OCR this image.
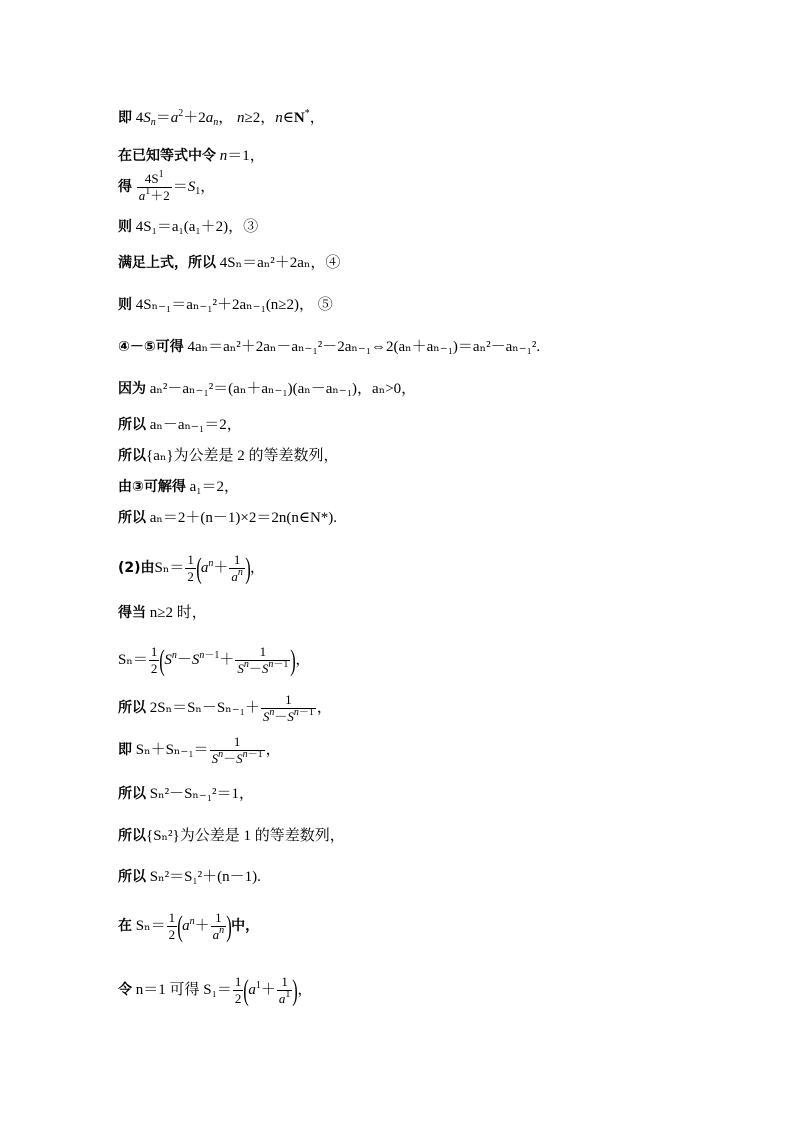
即 $4S_n=a^2+2a_n$， n≥2，n∈N*，
在已知等式中令 n＝1，
得 $\frac{4S^1}{a^1+2} =S_1$，
则 4S₁＝a₁(a₁＋2)，③
满足上式，所以 4Sₙ＝aₙ²＋2aₙ，④
则 4Sₙ₋₁＝aₙ₋₁²＋2aₙ₋₁(n≥2)， ⑤
④－⑤可得 4aₙ＝aₙ²＋2aₙ－aₙ₋₁²－2aₙ₋₁⇔2(aₙ＋aₙ₋₁)＝aₙ²－aₙ₋₁².
因为 aₙ²－aₙ₋₁²＝(aₙ＋aₙ₋₁)(aₙ－aₙ₋₁)，aₙ>0，
所以 aₙ－aₙ₋₁＝2，
所以{aₙ}为公差是 2 的等差数列，
由③可解得 a₁＝2，
所以 aₙ＝2＋(n－1)×2＝2n(n∈N*).
(2)由$S_n= \frac{1}{2} (a^n+ \frac{1}{a^n}$ )，
得当 n≥2 时，
$S_n= \frac{1}{2} (S^n-S^{n-1}+ \frac{1}{S^n-S^{n-1}}$ )，
所以 $2S_n=S_n-S_{n-1}+ \frac{1}{S^n-S^{n-1}}$ ，
即 $S_n+S_{n-1}= \frac{1}{S^n-S^{n-1}}$ ，
所以 Sₙ²－Sₙ₋₁²＝1，
所以{Sₙ²}为公差是 1 的等差数列，
所以 Sₙ²＝S₁²＋(n－1).
在 $S_n= \frac{1}{2} (a^n+ \frac{1}{a^n}$ )中，
令 n＝1 可得 $S_1= \frac{1}{2} (a^1+ \frac{1}{a^1}$ )，
